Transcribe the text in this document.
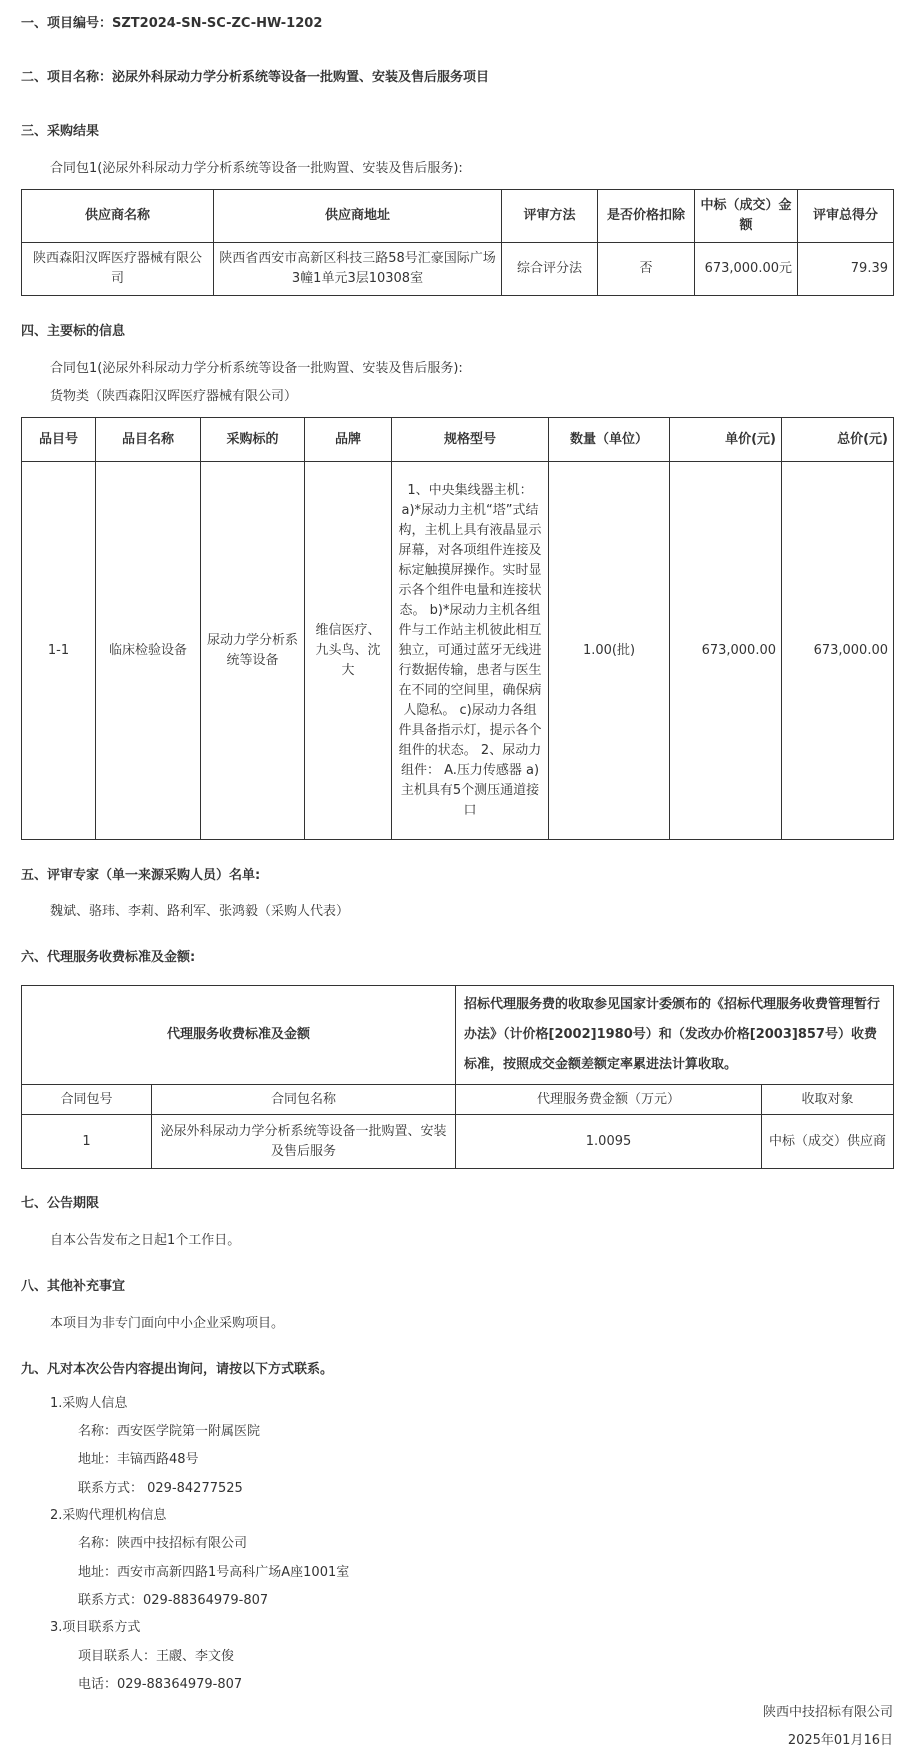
一、项目编号：SZT2024-SN-SC-ZC-HW-1202
二、项目名称：泌尿外科尿动力学分析系统等设备一批购置、安装及售后服务项目
三、采购结果
合同包1(泌尿外科尿动力学分析系统等设备一批购置、安装及售后服务):
供应商名称	供应商地址	评审方法	是否价格扣除	中标（成交）金额	评审总得分
陕西森阳汉晖医疗器械有限公司	陕西省西安市高新区科技三路58号汇豪国际广场3幢1单元3层10308室	综合评分法	否	673,000.00元	79.39
四、主要标的信息
合同包1(泌尿外科尿动力学分析系统等设备一批购置、安装及售后服务):
货物类（陕西森阳汉晖医疗器械有限公司）
品目号	品目名称	采购标的	品牌	规格型号	数量（单位）	单价(元)	总价(元)
1-1	临床检验设备	尿动力学分析系统等设备	维信医疗、九头鸟、沈大	1、中央集线器主机： a)*尿动力主机“塔”式结构，主机上具有液晶显示屏幕，对各项组件连接及标定触摸屏操作。实时显示各个组件电量和连接状态。 b)*尿动力主机各组件与工作站主机彼此相互独立，可通过蓝牙无线进行数据传输，患者与医生在不同的空间里，确保病人隐私。 c)尿动力各组件具备指示灯，提示各个组件的状态。 2、尿动力组件： A.压力传感器 a)主机具有5个测压通道接口	1.00(批)	673,000.00	673,000.00
五、评审专家（单一来源采购人员）名单:
魏斌、骆玮、李莉、路利军、张鸿毅（采购人代表）
六、代理服务收费标准及金额:
代理服务收费标准及金额		招标代理服务费的收取参见国家计委颁布的《招标代理服务收费管理暂行办法》（计价格[2002]1980号）和（发改办价格[2003]857号）收费标准，按照成交金额差额定率累进法计算收取。	
合同包号	合同包名称	代理服务费金额（万元）	收取对象
1	泌尿外科尿动力学分析系统等设备一批购置、安装及售后服务	1.0095	中标（成交）供应商
七、公告期限
自本公告发布之日起1个工作日。
八、其他补充事宜
本项目为非专门面向中小企业采购项目。
九、凡对本次公告内容提出询问，请按以下方式联系。
1.采购人信息
名称：西安医学院第一附属医院
地址：丰镐西路48号
联系方式： 029-84277525
2.采购代理机构信息
名称：陕西中技招标有限公司
地址：西安市高新四路1号高科广场A座1001室
联系方式：029-88364979-807
3.项目联系方式
项目联系人：王鬷、李文俊
电话：029-88364979-807
陕西中技招标有限公司
2025年01月16日
